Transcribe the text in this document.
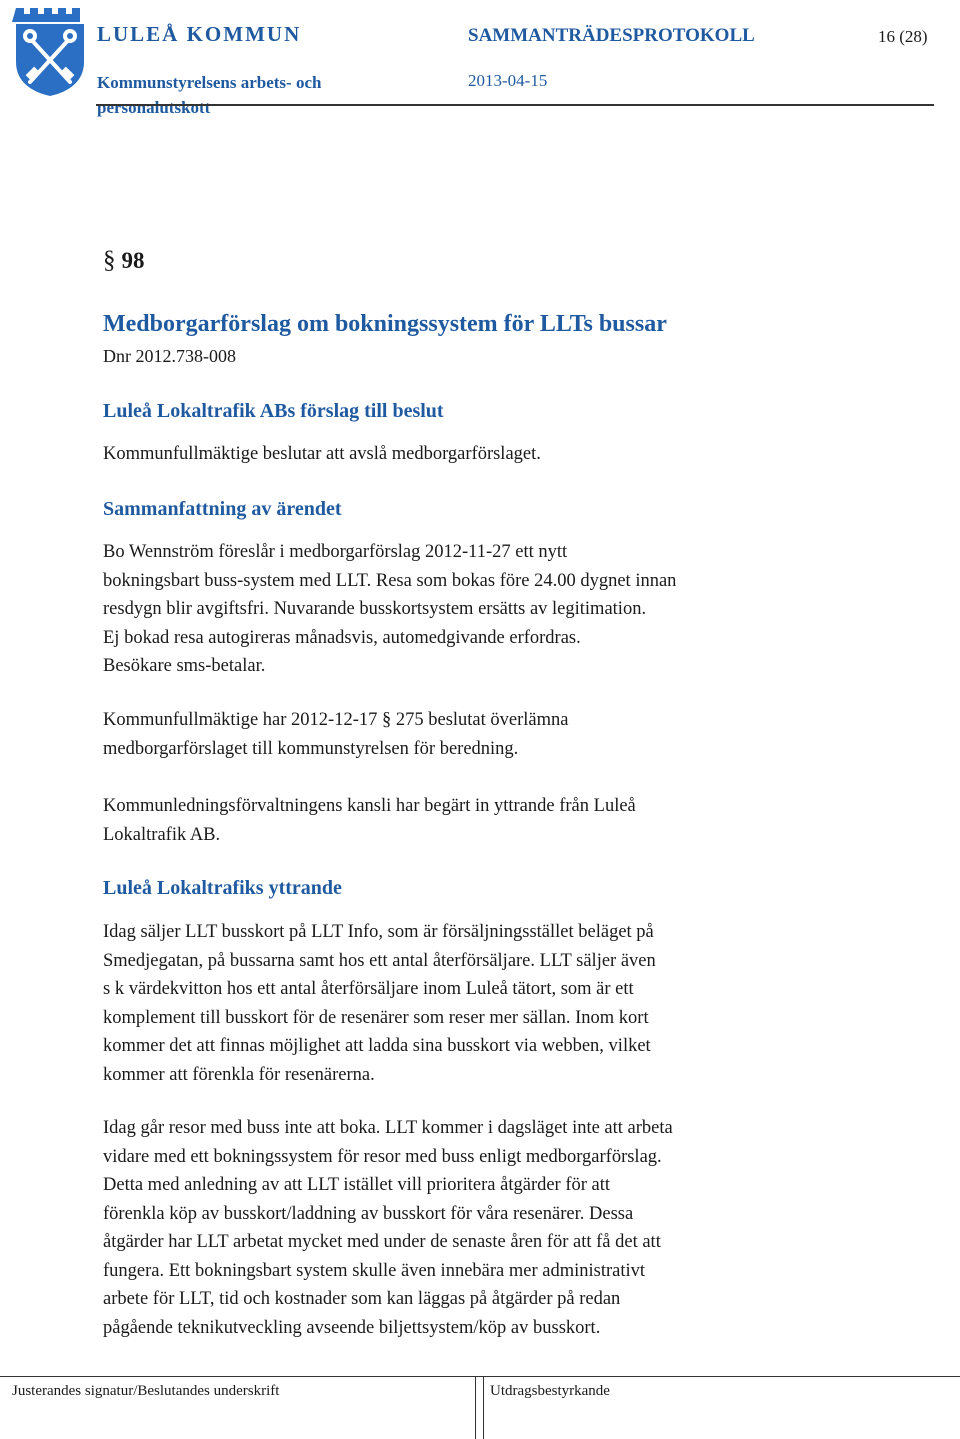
LULEÅ KOMMUN
Kommunstyrelsens arbets- och personalutskott
SAMMANTRÄDESPROTOKOLL
2013-04-15
16 (28)
§ 98
Medborgarförslag om bokningssystem för LLTs bussar
Dnr 2012.738-008
Luleå Lokaltrafik ABs förslag till beslut
Kommunfullmäktige beslutar att avslå medborgarförslaget.
Sammanfattning av ärendet
Bo Wennström föreslår i medborgarförslag 2012-11-27 ett nytt
bokningsbart buss-system med LLT. Resa som bokas före 24.00 dygnet innan
resdygn blir avgiftsfri. Nuvarande busskortsystem ersätts av legitimation.
Ej bokad resa autogireras månadsvis, automedgivande erfordras.
Besökare sms-betalar.
Kommunfullmäktige har 2012-12-17 § 275 beslutat överlämna
medborgarförslaget till kommunstyrelsen för beredning.
Kommunledningsförvaltningens kansli har begärt in yttrande från Luleå
Lokaltrafik AB.
Luleå Lokaltrafiks yttrande
Idag säljer LLT busskort på LLT Info, som är försäljningsstället beläget på
Smedjegatan, på bussarna samt hos ett antal återförsäljare. LLT säljer även
s k värdekvitton hos ett antal återförsäljare inom Luleå tätort, som är ett
komplement till busskort för de resenärer som reser mer sällan. Inom kort
kommer det att finnas möjlighet att ladda sina busskort via webben, vilket
kommer att förenkla för resenärerna.
Idag går resor med buss inte att boka. LLT kommer i dagsläget inte att arbeta
vidare med ett bokningssystem för resor med buss enligt medborgarförslag.
Detta med anledning av att LLT istället vill prioritera åtgärder för att
förenkla köp av busskort/laddning av busskort för våra resenärer. Dessa
åtgärder har LLT arbetat mycket med under de senaste åren för att få det att
fungera. Ett bokningsbart system skulle även innebära mer administrativt
arbete för LLT, tid och kostnader som kan läggas på åtgärder på redan
pågående teknikutveckling avseende biljettsystem/köp av busskort.
Justerandes signatur/Beslutandes underskrift	Utdragsbestyrkande
